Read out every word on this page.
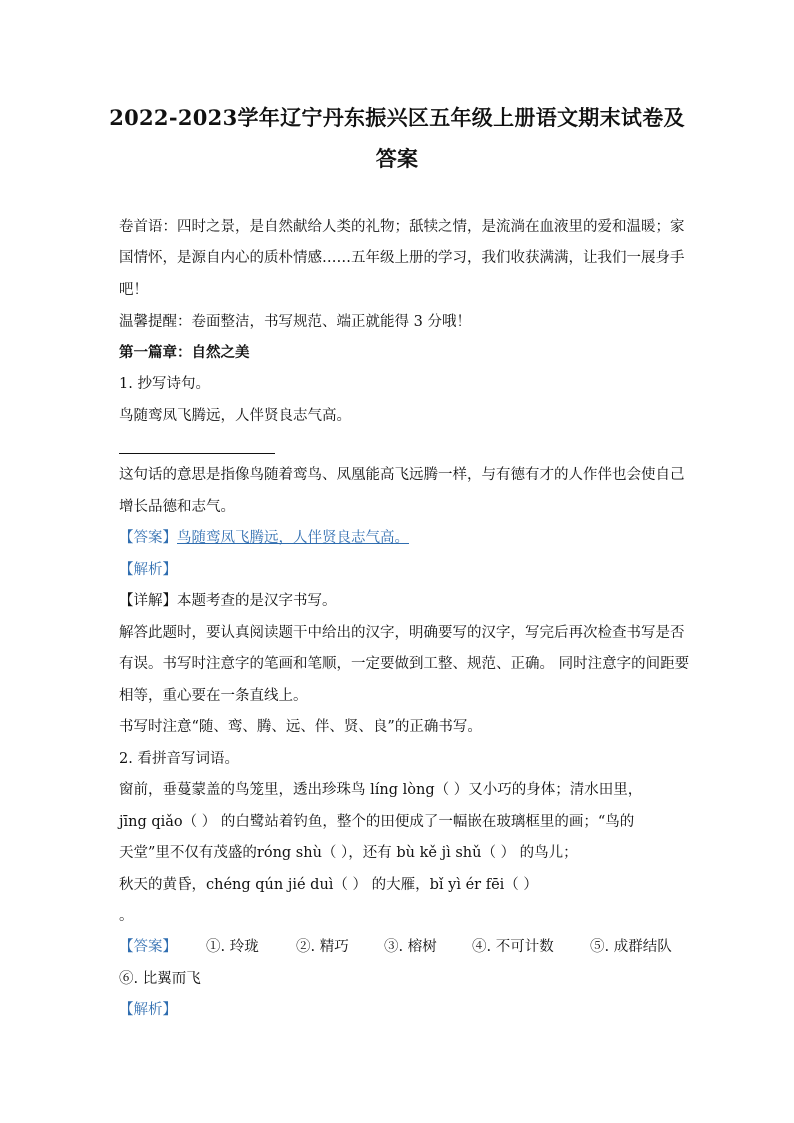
2022-2023学年辽宁丹东振兴区五年级上册语文期末试卷及
答案
卷首语：四时之景，是自然献给人类的礼物；舐犊之情，是流淌在血液里的爱和温暖；家
国情怀，是源自内心的质朴情感……五年级上册的学习，我们收获满满，让我们一展身手
吧！
温馨提醒：卷面整洁，书写规范、端正就能得 3 分哦！
第一篇章：自然之美
1. 抄写诗句。
鸟随鸾凤飞腾远，人伴贤良志气高。
这句话的意思是指像鸟随着鸾鸟、凤凰能高飞远腾一样，与有德有才的人作伴也会使自己
增长品德和志气。
【答案】鸟随鸾凤飞腾远，人伴贤良志气高。
【解析】
【详解】本题考查的是汉字书写。
解答此题时，要认真阅读题干中给出的汉字，明确要写的汉字，写完后再次检查书写是否
有误。书写时注意字的笔画和笔顺，一定要做到工整、规范、正确。 同时注意字的间距要
相等，重心要在一条直线上。
书写时注意“随、鸾、腾、远、伴、贤、良”的正确书写。
2. 看拼音写词语。
窗前，垂蔓蒙盖的鸟笼里，透出珍珠鸟 líng lòng（ ）又小巧的身体；清水田里，
jīng qiǎo（ ） 的白鹭站着钓鱼，整个的田便成了一幅嵌在玻璃框里的画；“鸟的
天堂”里不仅有茂盛的róng shù（ ），还有 bù kě jì shǔ（ ） 的鸟儿；
秋天的黄昏，chéng qún jié duì（ ） 的大雁，bǐ yì ér fēi（ ）
。
【答案】 ①. 玲珑	②. 精巧 ③. 榕树 ④. 不可计数	⑤. 成群结队
⑥. 比翼而飞
【解析】
